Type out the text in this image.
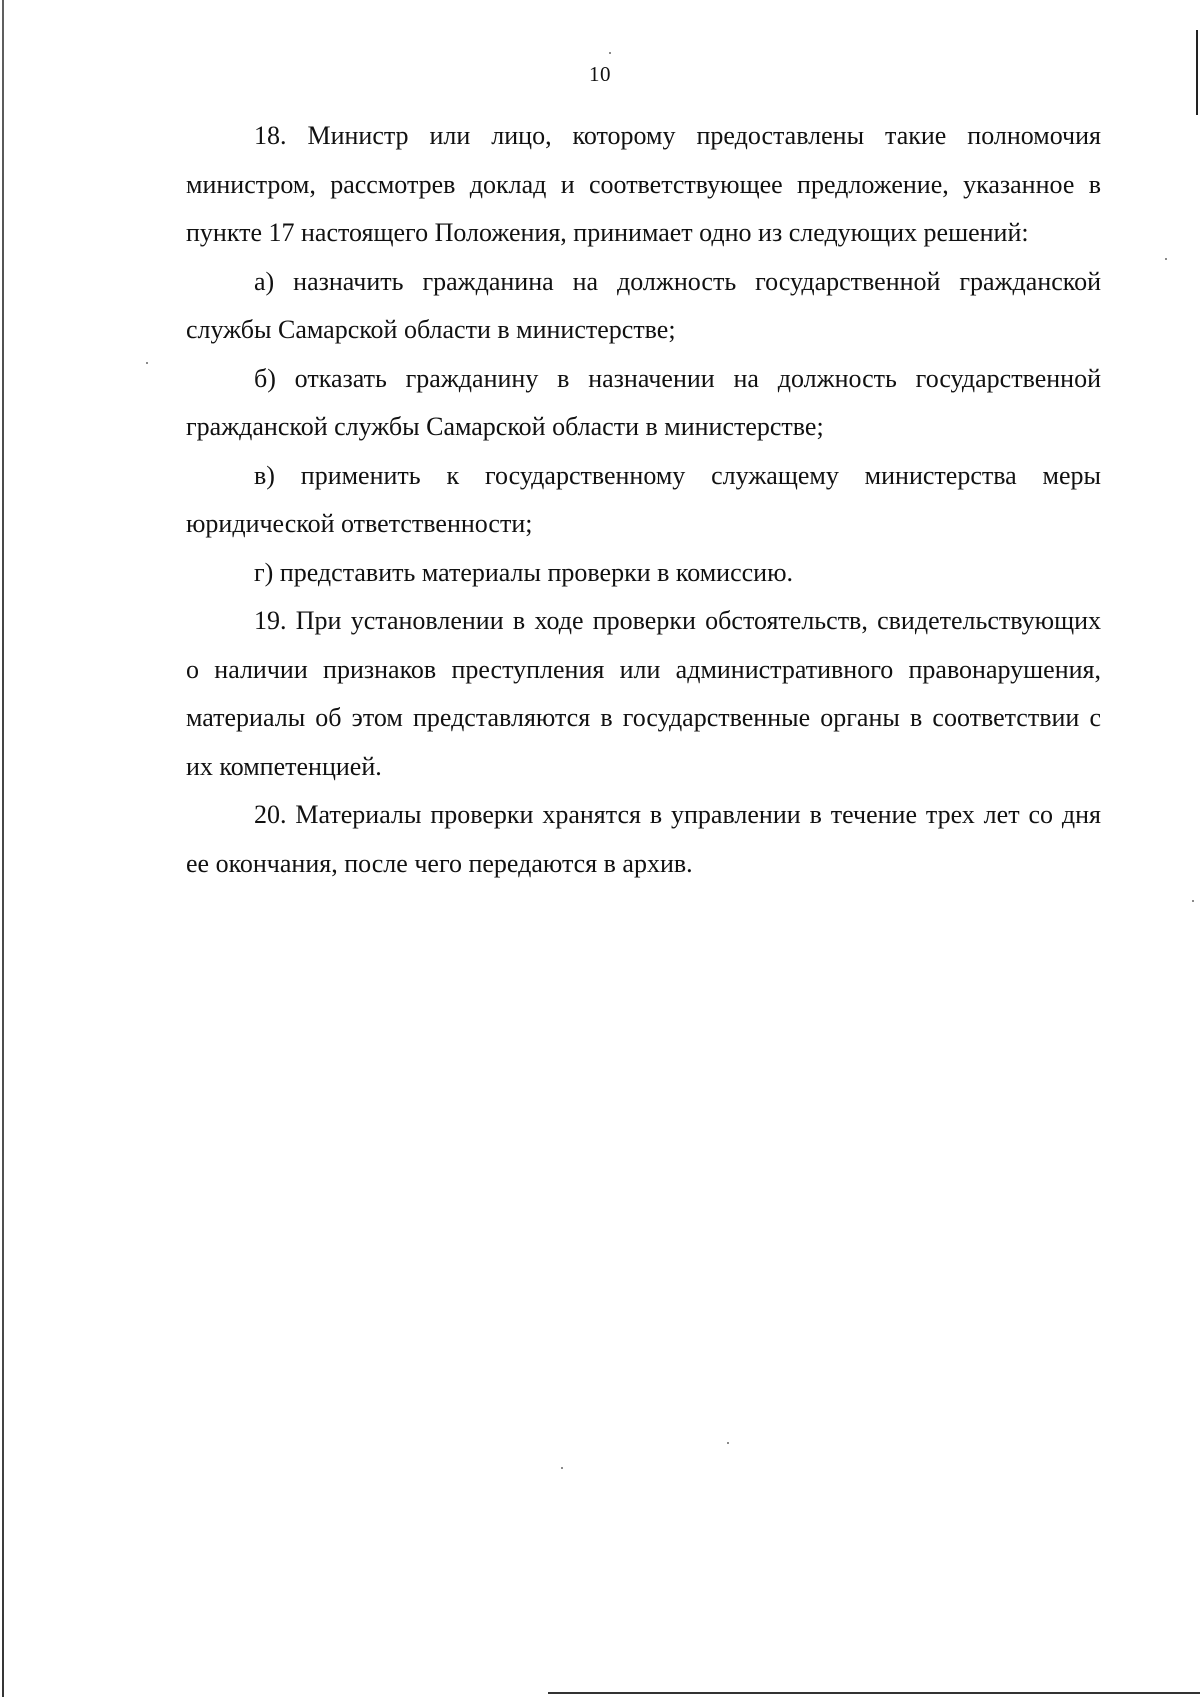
10

18. Министр или лицо, которому предоставлены такие полномочия министром, рассмотрев доклад и соответствующее предложение, указанное в пункте 17 настоящего Положения, принимает одно из следующих решений:

а) назначить гражданина на должность государственной гражданской службы Самарской области в министерстве;

б) отказать гражданину в назначении на должность государственной гражданской службы Самарской области в министерстве;

в) применить к государственному служащему министерства меры юридической ответственности;

г) представить материалы проверки в комиссию.

19. При установлении в ходе проверки обстоятельств, свидетельствующих о наличии признаков преступления или административного правонарушения, материалы об этом представляются в государственные органы в соответствии с их компетенцией.

20. Материалы проверки хранятся в управлении в течение трех лет со дня ее окончания, после чего передаются в архив.
